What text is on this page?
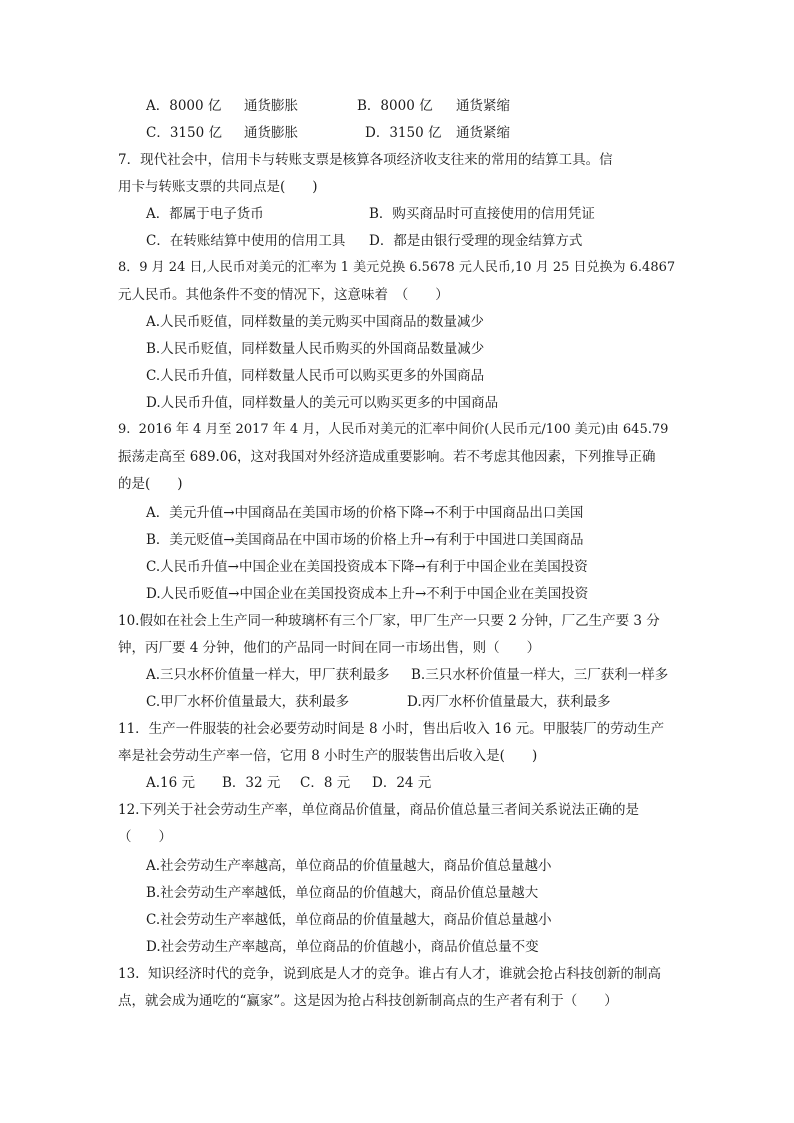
A．8000 亿 通货膨胀	B．8000 亿 通货紧缩
C．3150 亿 通货膨胀	D．3150 亿 通货紧缩
7．现代社会中，信用卡与转账支票是核算各项经济收支往来的常用的结算工具。信
用卡与转账支票的共同点是(　　)
A．都属于电子货币	B．购买商品时可直接使用的信用凭证
C．在转账结算中使用的信用工具 D．都是由银行受理的现金结算方式
8．9 月 24 日,人民币对美元的汇率为 1 美元兑换 6.5678 元人民币,10 月 25 日兑换为 6.4867
元人民币。其他条件不变的情况下，这意味着　（　　）
A.人民币贬值，同样数量的美元购买中国商品的数量减少
B.人民币贬值，同样数量人民币购买的外国商品数量减少
C.人民币升值，同样数量人民币可以购买更多的外国商品
D.人民币升值，同样数量人的美元可以购买更多的中国商品
9.  2016 年 4 月至 2017 年 4 月，人民币对美元的汇率中间价(人民币元/100 美元)由 645.79
振荡走高至 689.06，这对我国对外经济造成重要影响。若不考虑其他因素，下列推导正确
的是(　　)
A．美元升值→中国商品在美国市场的价格下降→不利于中国商品出口美国
B．美元贬值→美国商品在中国市场的价格上升→有利于中国进口美国商品
C.人民币升值→中国企业在美国投资成本下降→有利于中国企业在美国投资
D.人民币贬值→中国企业在美国投资成本上升→不利于中国企业在美国投资
10.假如在社会上生产同一种玻璃杯有三个厂家，甲厂生产一只要 2 分钟，厂乙生产要 3 分
钟，丙厂要 4 分钟，他们的产品同一时间在同一市场出售，则（　　）
A.三只水杯价值量一样大，甲厂获利最多 B.三只水杯价值量一样大，三厂获利一样多
C.甲厂水杯价值量最大，获利最多	D.丙厂水杯价值量最大，获利最多
11．生产一件服装的社会必要劳动时间是 8 小时，售出后收入 16 元。甲服装厂的劳动生产
率是社会劳动生产率一倍，它用 8 小时生产的服装售出后收入是(　　)
A.16 元 B．32 元 C．8 元 D．24 元
12.下列关于社会劳动生产率，单位商品价值量，商品价值总量三者间关系说法正确的是
（　　）
A.社会劳动生产率越高，单位商品的价值量越大，商品价值总量越小
B.社会劳动生产率越低，单位商品的价值越大，商品价值总量越大
C.社会劳动生产率越低，单位商品的价值量越大，商品价值总量越小
D.社会劳动生产率越高，单位商品的价值越小，商品价值总量不变
13.  知识经济时代的竞争，说到底是人才的竞争。谁占有人才，谁就会抢占科技创新的制高
点，就会成为通吃的“赢家”。这是因为抢占科技创新制高点的生产者有利于（　　）
